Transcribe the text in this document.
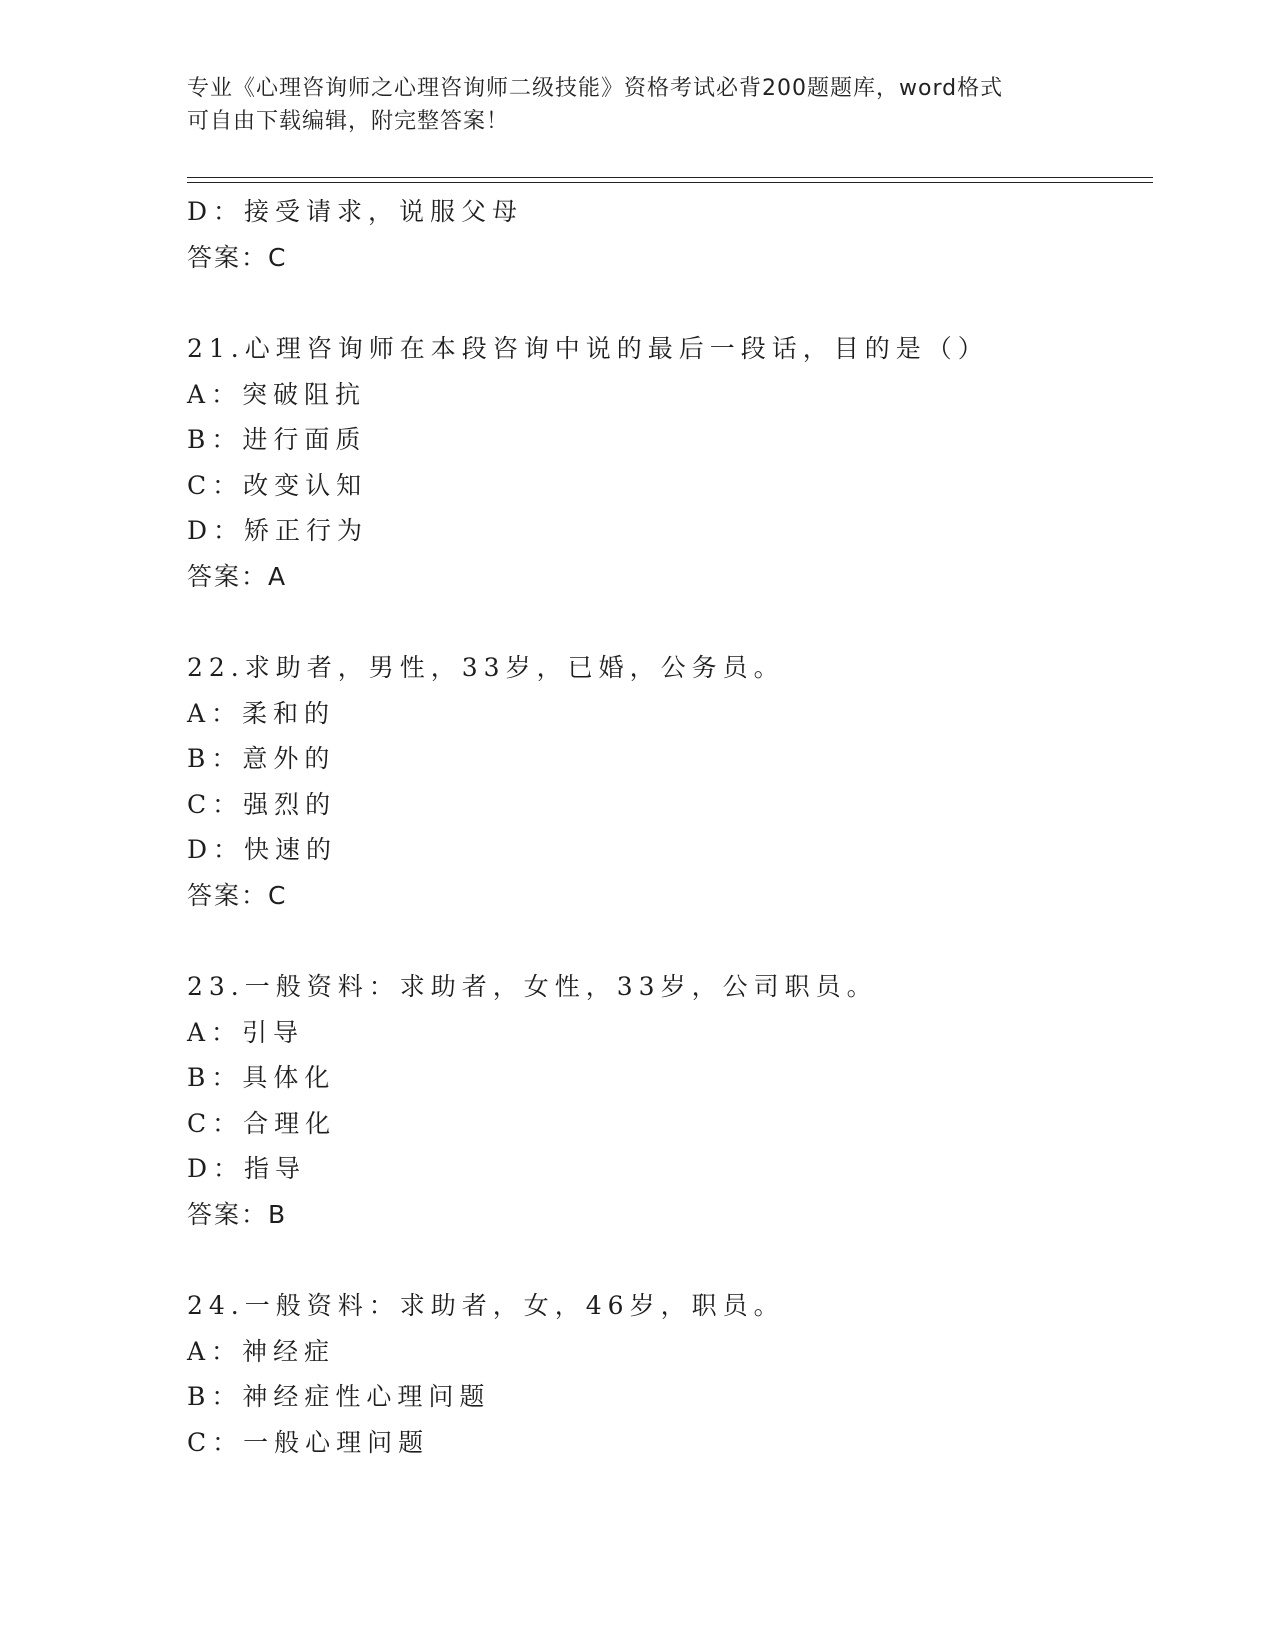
专业《心理咨询师之心理咨询师二级技能》资格考试必背200题题库，word格式
可自由下载编辑，附完整答案！
D：接受请求，说服父母
答案：C
21.心理咨询师在本段咨询中说的最后一段话，目的是（）
A：突破阻抗
B：进行面质
C：改变认知
D：矫正行为
答案：A
22.求助者，男性，33岁，已婚，公务员。
A：柔和的
B：意外的
C：强烈的
D：快速的
答案：C
23.一般资料：求助者，女性，33岁，公司职员。
A：引导
B：具体化
C：合理化
D：指导
答案：B
24.一般资料：求助者，女，46岁，职员。
A：神经症
B：神经症性心理问题
C：一般心理问题
